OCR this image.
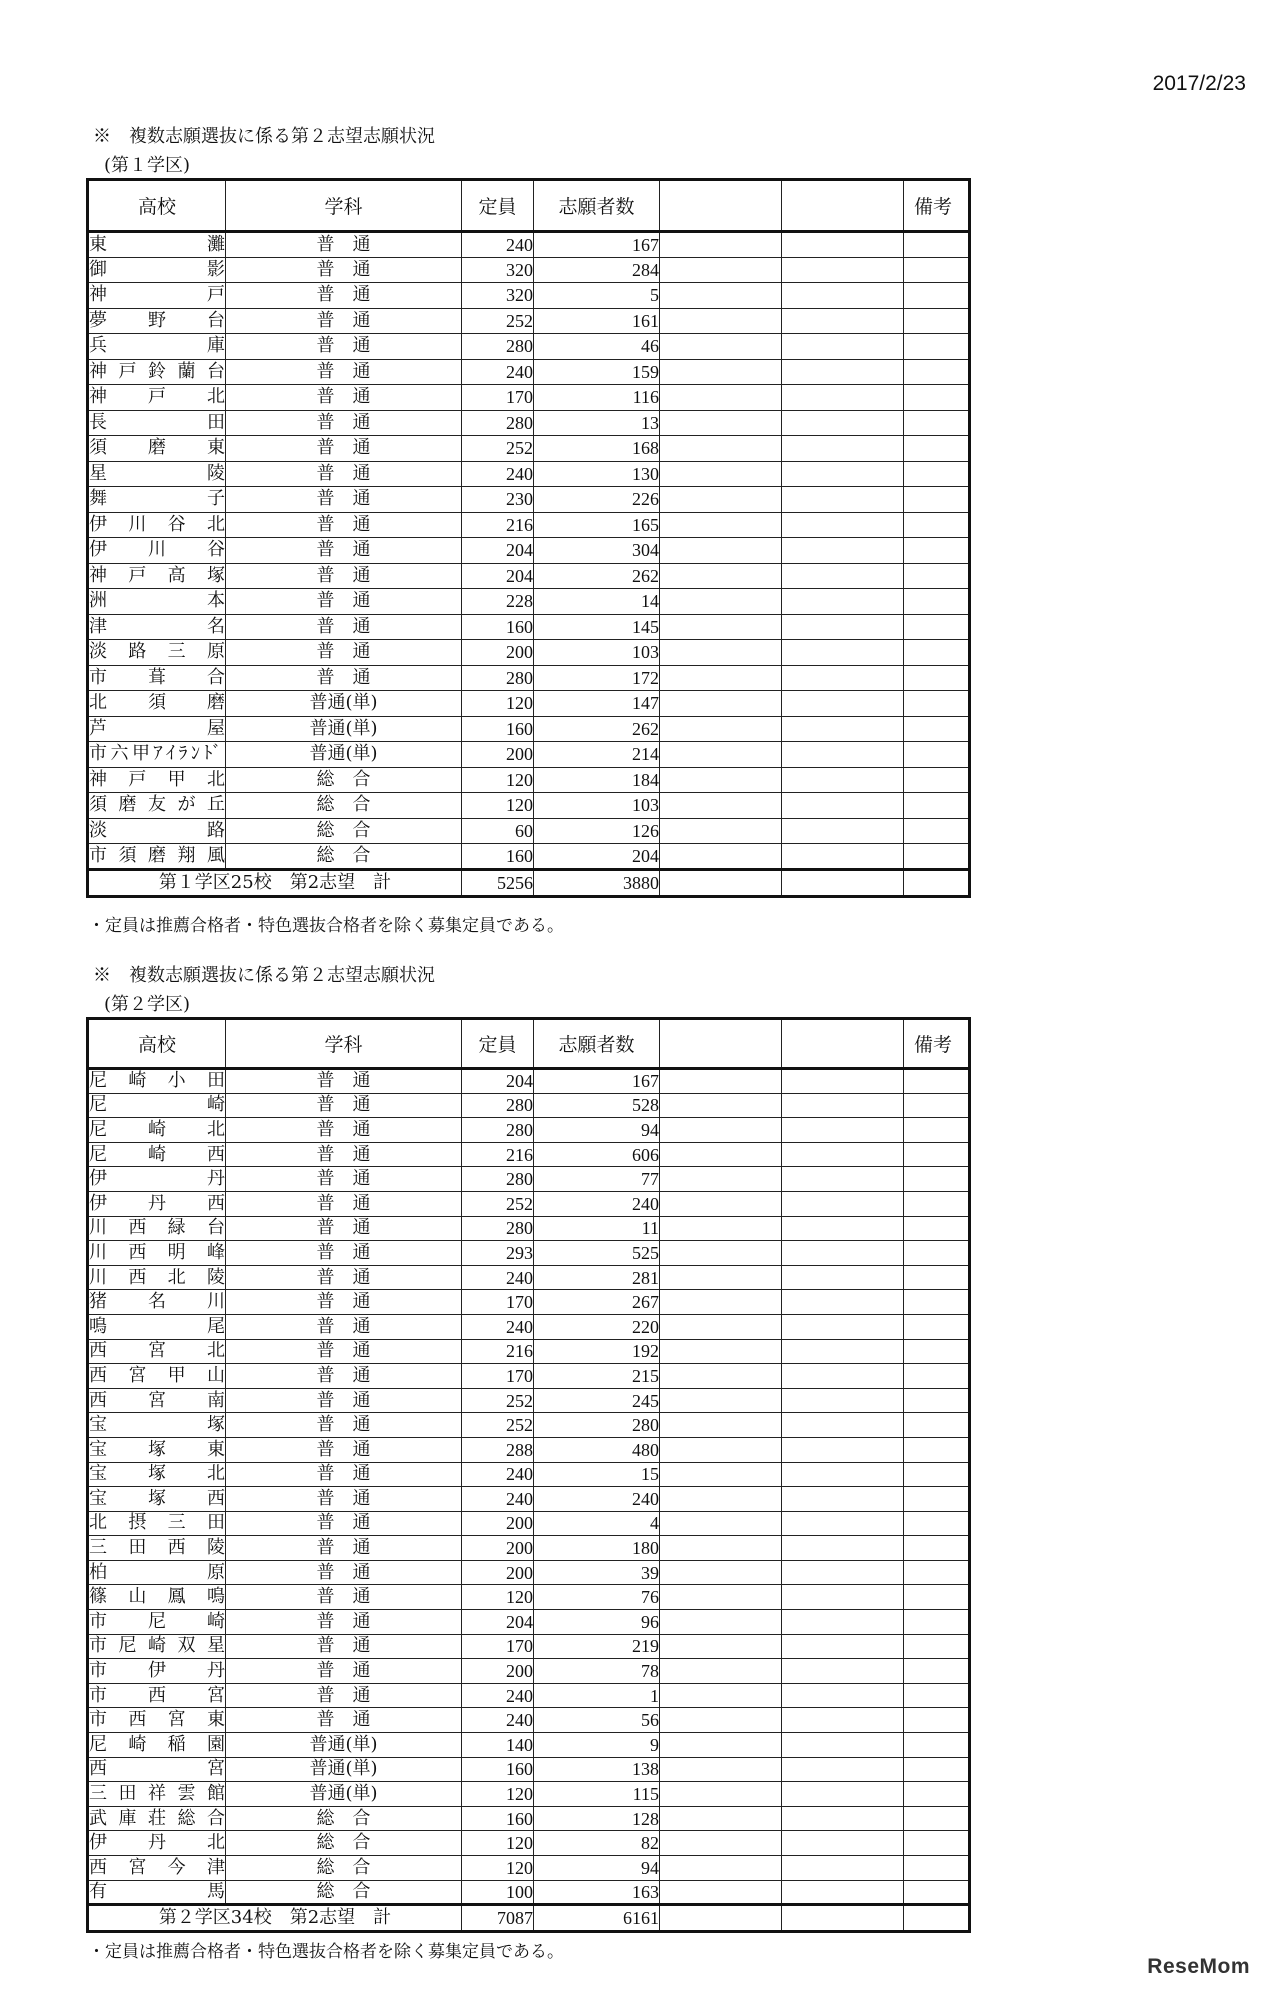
2017/2/23
※　複数志願選抜に係る第２志望志願状況
(第１学区)
高校	学科	定員	志願者数			備考
東灘	普　通	240	167			
御影	普　通	320	284			
神戸	普　通	320	5			
夢野台	普　通	252	161			
兵庫	普　通	280	46			
神戸鈴蘭台	普　通	240	159			
神戸北	普　通	170	116			
長田	普　通	280	13			
須磨東	普　通	252	168			
星陵	普　通	240	130			
舞子	普　通	230	226			
伊川谷北	普　通	216	165			
伊川谷	普　通	204	304			
神戸高塚	普　通	204	262			
洲本	普　通	228	14			
津名	普　通	160	145			
淡路三原	普　通	200	103			
市葺合	普　通	280	172			
北須磨	普通(単)	120	147			
芦屋	普通(単)	160	262			
市六甲ｱｲﾗﾝﾄﾞ	普通(単)	200	214			
神戸甲北	総　合	120	184			
須磨友が丘	総　合	120	103			
淡路	総　合	60	126			
市須磨翔風	総　合	160	204			
第１学区25校　第2志望　計		5256	3880			
・定員は推薦合格者・特色選抜合格者を除く募集定員である。
※　複数志願選抜に係る第２志望志願状況
(第２学区)
高校	学科	定員	志願者数			備考
尼崎小田	普　通	204	167			
尼崎	普　通	280	528			
尼崎北	普　通	280	94			
尼崎西	普　通	216	606			
伊丹	普　通	280	77			
伊丹西	普　通	252	240			
川西緑台	普　通	280	11			
川西明峰	普　通	293	525			
川西北陵	普　通	240	281			
猪名川	普　通	170	267			
鳴尾	普　通	240	220			
西宮北	普　通	216	192			
西宮甲山	普　通	170	215			
西宮南	普　通	252	245			
宝塚	普　通	252	280			
宝塚東	普　通	288	480			
宝塚北	普　通	240	15			
宝塚西	普　通	240	240			
北摂三田	普　通	200	4			
三田西陵	普　通	200	180			
柏原	普　通	200	39			
篠山鳳鳴	普　通	120	76			
市尼崎	普　通	204	96			
市尼崎双星	普　通	170	219			
市伊丹	普　通	200	78			
市西宮	普　通	240	1			
市西宮東	普　通	240	56			
尼崎稲園	普通(単)	140	9			
西宮	普通(単)	160	138			
三田祥雲館	普通(単)	120	115			
武庫荘総合	総　合	160	128			
伊丹北	総　合	120	82			
西宮今津	総　合	120	94			
有馬	総　合	100	163			
第２学区34校　第2志望　計		7087	6161			
・定員は推薦合格者・特色選抜合格者を除く募集定員である。
ReseMom
